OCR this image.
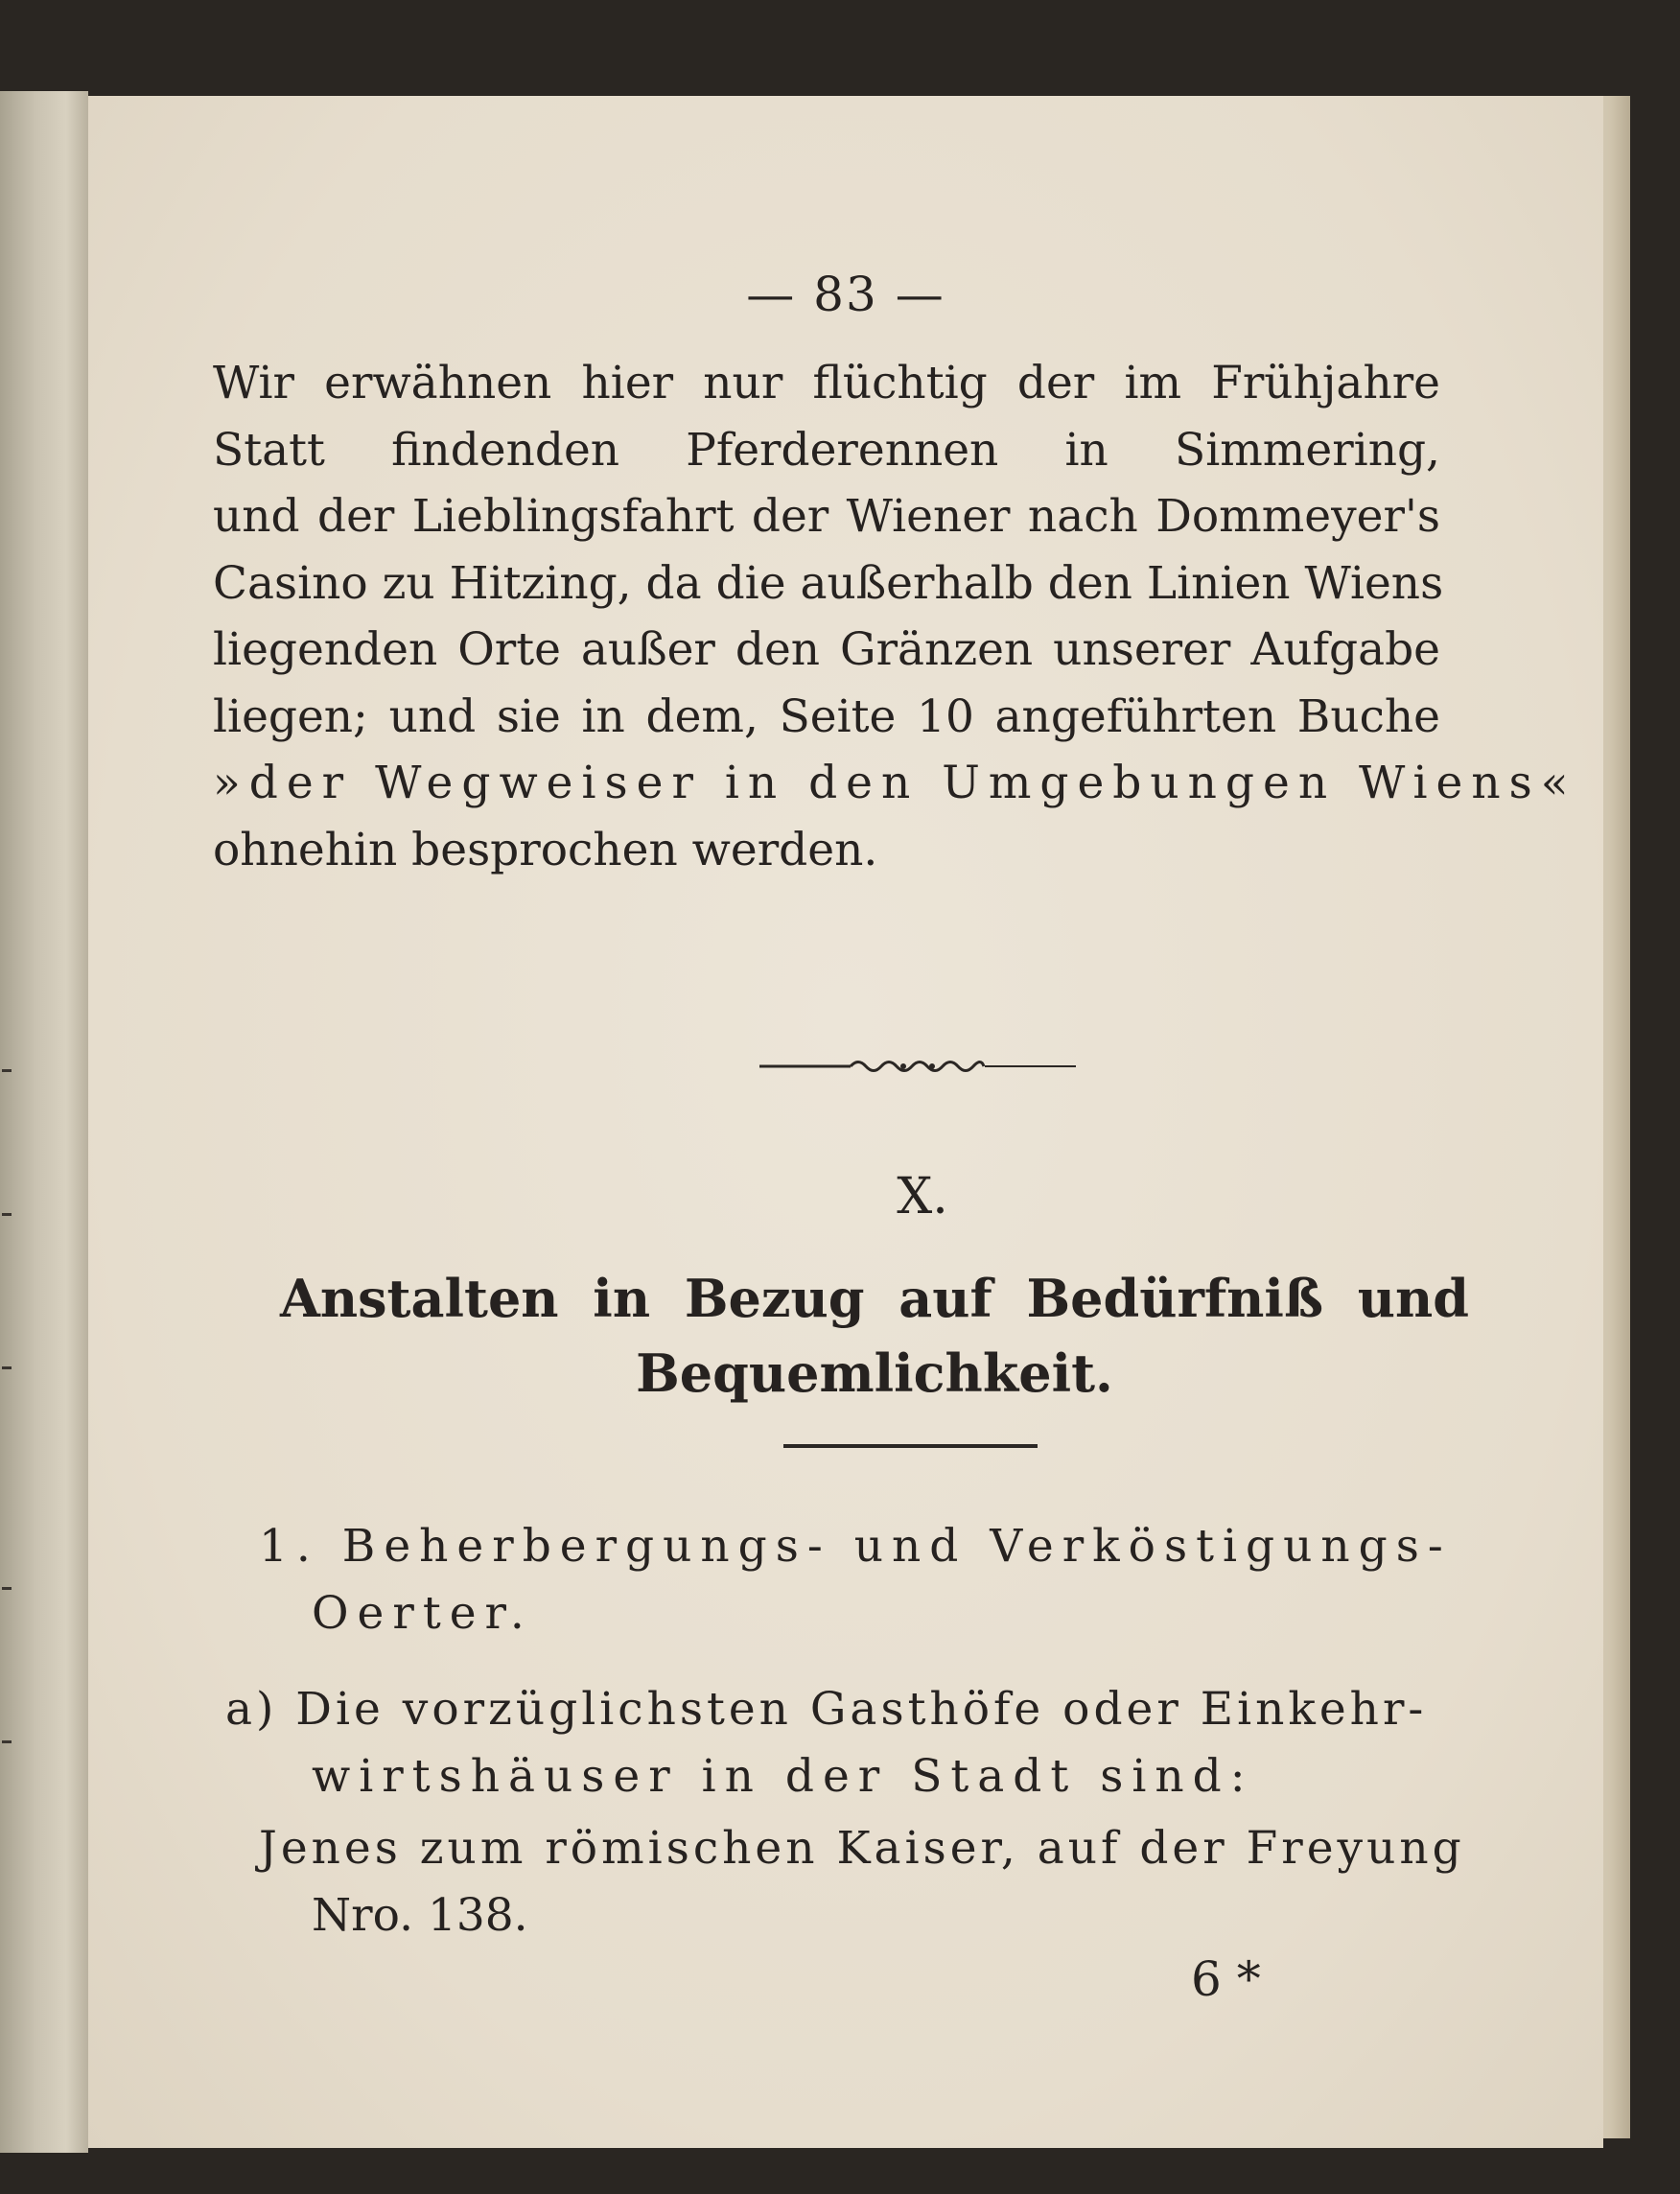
— 83 —
Wir erwähnen hier nur flüchtig der im Frühjahre
Statt findenden Pferderennen in Simmering,
und der Lieblingsfahrt der Wiener nach Dommeyer's
Casino zu Hitzing, da die außerhalb den Linien Wiens
liegenden Orte außer den Gränzen unserer Aufgabe
liegen; und sie in dem, Seite 10 angeführten Buche
»der Wegweiser in den Umgebungen Wiens«
ohnehin besprochen werden.
X.
Anstalten in Bezug auf Bedürfniß und
Bequemlichkeit.
1. Beherbergungs- und Verköstigungs-
Oerter.
a) Die vorzüglichsten Gasthöfe oder Einkehr-
wirtshäuser in der Stadt sind:
Jenes zum römischen Kaiser, auf der Freyung
Nro. 138.
6 *
